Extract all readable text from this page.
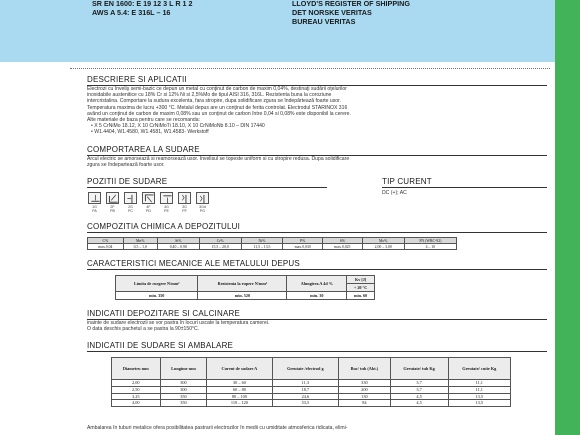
SR EN 1600: E 19 12 3 L R 1 2
AWS A 5.4: E 316L – 16
LLOYD'S REGISTER OF SHIPPING
DET NORSKE VERITAS
BUREAU VERITAS
DESCRIERE SI APLICATII
Electrozi cu înveliş semi-bazic ce depun un metal cu conţinut de carbon de maxim 0,04%, destinaţi sudării oţelurilor
inoxidabile austenitice cu 18% Cr si 12% Ni si 2,5%Mo de tipul AISI 316, 316L. Rezistenta buna la coroziune
intercristalina. Comportare la sudura excelenta, fara stropire, dupa solidificare zgura se îndepărtează foarte usor.
Temperatura maxima de lucru +300 °C. Metalul depus are un conţinut de ferita controlat. Electrodul STARINOX 316
având un conţinut de carbon de maxim 0,08% sau un conţinut de carbon între 0,04 si 0,08% este disponibil la cerere.
Alte materiale de baza pentru care se recomanda:
• X 5 CrNiMo 18.12, X 10 CrNiMoTi 18.10, X 10 CrNiMoNb 8.10 – DIN 17440
• W1.4404, W1.4580, W1.4581, W1.4583- Werkstoff
COMPORTAREA LA SUDARE
Arcul electric se amorsează si reamorsează usor. Învelisul se topeste uniform si cu stropire redusa. Dupa solidificare
zgura se îndepartează foarte usor.
POZITII DE SUDARE
1G
PA
2F
PB
2G
PC
4F
PD
4G
PE
3G
PF
3Gd
PG
TIP CURENT
DC (+); AC
COMPOZITIA CHIMICA A DEPOZITULUI
C%	Mn%	Si%	Cr%	Ni%	P%	S%	Mo%	FN (WRC-92)
max.0,04	0,5 – 1,0	0,40 – 0,90	15,5 – 20,0	11,5 – 13,5	max.0,030	max.0,025	2,00 – 3,00	4 – 10
CARACTERISTICI MECANICE ALE METALULUI DEPUS
Limita de curgere N/mm²	Rezistenta la rupere N/mm²	Alungirea A 4d %	Kv [J]
			+ 20 °C
min. 350	min. 520	min. 30	min. 60
INDICATII DEPOZITARE SI CALCINARE
inainte de sudare electrozii se vor pastra în locuri uscate la temperatura camerei.
O data deschis pachetul a se pastra la 90±150°C.
INDICATII DE SUDARE SI AMBALARE
Diametru mm	Lungime mm	Curent de sudare A	Greutate /electrod g	Buc/ tub (Abt.)	Greutate/ tub Kg	Greutate/ cutie Kg
2,00	300	30 – 60	11,3	330	3,7	11,1
2,50	300	60 – 80	18,7	200	3,7	11,1
3,25	350	80 – 100	24,6	130	4,5	13,5
4,00	350	110 – 120	53,5	84	4,5	13,5
Ambalarea în tuburi metalice ofera posibilitatea pastrarii electrozilor în medii cu umiditate atmosferica ridicata, elimi-
